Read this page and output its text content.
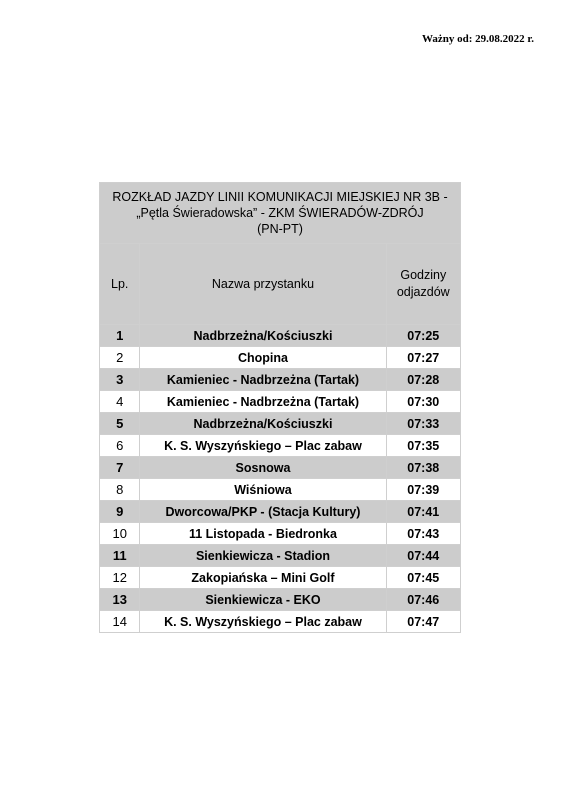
Ważny od: 29.08.2022 r.
ROZKŁAD JAZDY LINII KOMUNIKACJI MIEJSKIEJ NR 3B -
„Pętla Świeradowska” - ZKM ŚWIERADÓW-ZDRÓJ
(PN-PT)		

Lp.	Nazwa przystanku	Godziny
odjazdów

1	Nadbrzeżna/Kościuszki	07:25
2	Chopina	07:27
3	Kamieniec - Nadbrzeżna (Tartak)	07:28
4	Kamieniec - Nadbrzeżna (Tartak)	07:30
5	Nadbrzeżna/Kościuszki	07:33
6	K. S. Wyszyńskiego – Plac zabaw	07:35
7	Sosnowa	07:38
8	Wiśniowa	07:39
9	Dworcowa/PKP - (Stacja Kultury)	07:41
10	11 Listopada - Biedronka	07:43
11	Sienkiewicza - Stadion	07:44
12	Zakopiańska – Mini Golf	07:45
13	Sienkiewicza - EKO	07:46
14	K. S. Wyszyńskiego – Plac zabaw	07:47
